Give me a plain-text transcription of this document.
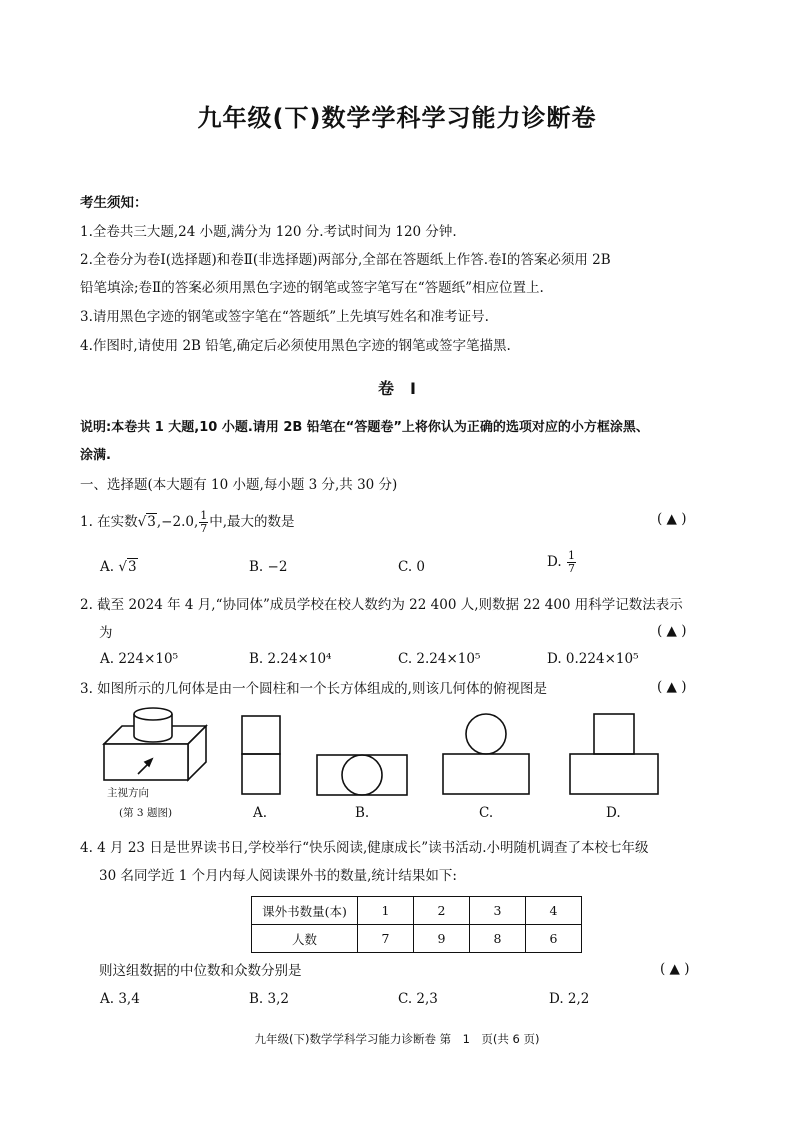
九年级(下)数学学科学习能力诊断卷
考生须知：
1.全卷共三大题,24 小题,满分为 120 分.考试时间为 120 分钟.
2.全卷分为卷Ⅰ(选择题)和卷Ⅱ(非选择题)两部分,全部在答题纸上作答.卷Ⅰ的答案必须用 2B
铅笔填涂;卷Ⅱ的答案必须用黑色字迹的钢笔或签字笔写在“答题纸”相应位置上.
3.请用黑色字迹的钢笔或签字笔在“答题纸”上先填写姓名和准考证号.
4.作图时,请使用 2B 铅笔,确定后必须使用黑色字迹的钢笔或签字笔描黑.
卷　Ⅰ
说明:本卷共 1 大题,10 小题.请用 2B 铅笔在“答题卷”上将你认为正确的选项对应的小方框涂黑、
涂满.
一、选择题(本大题有 10 小题,每小题 3 分,共 30 分)
1. 在实数√3,−2.0, $\frac{1}{7}$ 中,最大的数是	( ▲ )
A. √3	B. −2	C. 0	D. $\frac{1}{7}$
2. 截至 2024 年 4 月,“协同体”成员学校在校人数约为 22 400 人,则数据 22 400 用科学记数法表示
为	( ▲ )
A. 224×10⁵	B. 2.24×10⁴	C. 2.24×10⁵	D. 0.224×10⁵
3. 如图所示的几何体是由一个圆柱和一个长方体组成的,则该几何体的俯视图是	( ▲ )
主视方向
(第 3 题图)	A.	B.	C.	D.
4. 4 月 23 日是世界读书日,学校举行“快乐阅读,健康成长”读书活动.小明随机调查了本校七年级
30 名同学近 1 个月内每人阅读课外书的数量,统计结果如下:
课外书数量(本)	1	2	3	4
人数	7	9	8	6
则这组数据的中位数和众数分别是	( ▲ )
A. 3,4	B. 3,2	C. 2,3	D. 2,2
九年级(下)数学学科学习能力诊断卷 第　1　页(共 6 页)
